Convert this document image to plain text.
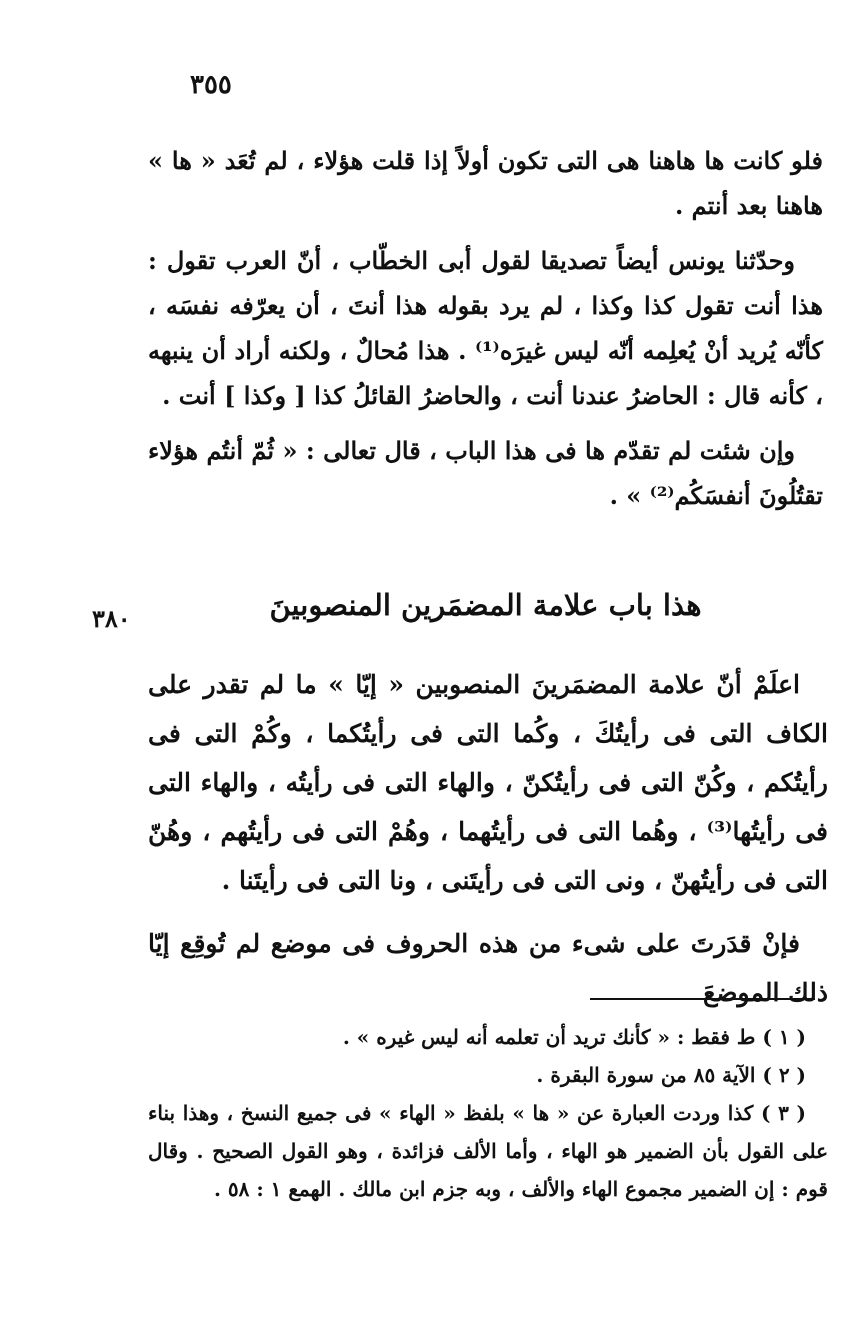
٣٥٥

فلو كانت ها هاهنا هى التى تكون أولاً إذا قلت هؤلاء ، لم تُعَد « ها » هاهنا بعد أنتم .

وحدّثنا يونس أيضاً تصديقا لقول أبى الخطّاب ، أنّ العرب تقول : هذا أنت تقول كذا وكذا ، لم يرد بقوله هذا أنتَ ، أن يعرّفه نفسَه ، كأنّه يُريد أنْ يُعلِمه أنّه ليس غيرَه⁽¹⁾ . هذا مُحالٌ ، ولكنه أراد أن ينبهه ، كأنه قال : الحاضرُ عندنا أنت ، والحاضرُ القائلُ كذا [ وكذا ] أنت .

وإن شئت لم تقدّم ها فى هذا الباب ، قال تعالى : « ثُمّ أنتُم هؤلاء تقتُلُونَ أنفسَكُم⁽²⁾ » .

٣٨٠	هذا باب علامة المضمَرين المنصوبينَ

اعلَمْ أنّ علامة المضمَرينَ المنصوبين « إيّا » ما لم تقدر على الكاف التى فى رأيتُكَ ، وكُما التى فى رأيتُكما ، وكُمْ التى فى رأيتُكم ، وكُنّ التى فى رأيتُكنّ ، والهاء التى فى رأيتُه ، والهاء التى فى رأيتُها⁽³⁾ ، وهُما التى فى رأيتُهما ، وهُمْ التى فى رأيتُهم ، وهُنّ التى فى رأيتُهنّ ، ونى التى فى رأيتَنى ، ونا التى فى رأيتَنا .

فإنْ قدَرتَ على شىء من هذه الحروف فى موضع لم تُوقِع إيّا ذلك الموضعَ

( ١ ) ط فقط : « كأنك تريد أن تعلمه أنه ليس غيره » .

( ٢ ) الآية ٨٥ من سورة البقرة .

( ٣ ) كذا وردت العبارة عن « ها » بلفظ « الهاء » فى جميع النسخ ، وهذا بناء على القول بأن الضمير هو الهاء ، وأما الألف فزائدة ، وهو القول الصحيح . وقال قوم : إن الضمير مجموع الهاء والألف ، وبه جزم ابن مالك . الهمع ١ : ٥٨ .
